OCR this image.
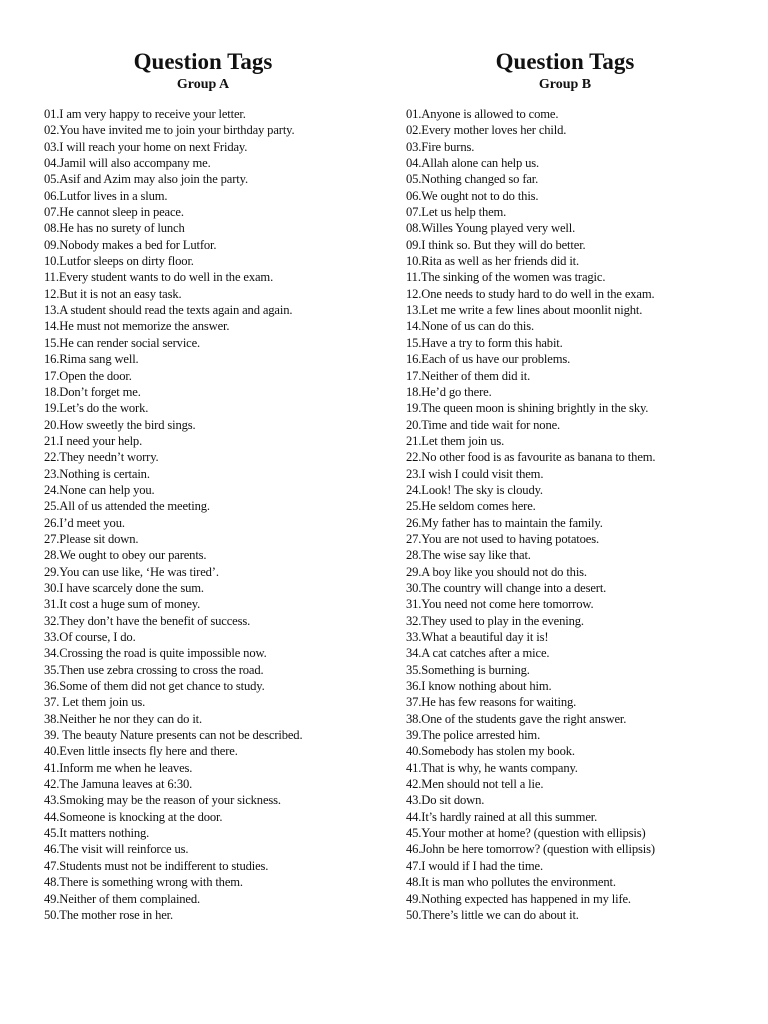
Question Tags
Group A
01.I am very happy to receive your letter.
02.You have invited me to join your birthday party.
03.I will reach your home on next Friday.
04.Jamil will also accompany me.
05.Asif and Azim may also join the party.
06.Lutfor lives in a slum.
07.He cannot sleep in peace.
08.He has no surety of lunch
09.Nobody makes a bed for Lutfor.
10.Lutfor sleeps on dirty floor.
11.Every student wants to do well in the exam.
12.But it is not an easy task.
13.A student should read the texts again and again.
14.He must not memorize the answer.
15.He can render social service.
16.Rima sang well.
17.Open the door.
18.Don’t forget me.
19.Let’s do the work.
20.How sweetly the bird sings.
21.I need your help.
22.They needn’t worry.
23.Nothing is certain.
24.None can help you.
25.All of us attended the meeting.
26.I’d meet you.
27.Please sit down.
28.We ought to obey our parents.
29.You can use like, ‘He was tired’.
30.I have scarcely done the sum.
31.It cost a huge sum of money.
32.They don’t have the benefit of success.
33.Of course, I do.
34.Crossing the road is quite impossible now.
35.Then use zebra crossing to cross the road.
36.Some of them did not get chance to study.
37. Let them join us.
38.Neither he nor they can do it.
39. The beauty Nature presents can not be described.
40.Even little insects fly here and there.
41.Inform me when he leaves.
42.The Jamuna leaves at 6:30.
43.Smoking may be the reason of your sickness.
44.Someone is knocking at the door.
45.It matters nothing.
46.The visit will reinforce us.
47.Students must not be indifferent to studies.
48.There is something wrong with them.
49.Neither of them complained.
50.The mother rose in her.
Question Tags
Group B
01.Anyone is allowed to come.
02.Every mother loves her child.
03.Fire burns.
04.Allah alone can help us.
05.Nothing changed so far.
06.We ought not to do this.
07.Let us help them.
08.Willes Young played very well.
09.I think so. But they will do better.
10.Rita as well as her friends did it.
11.The sinking of the women was tragic.
12.One needs to study hard to do well in the exam.
13.Let me write a few lines about moonlit night.
14.None of us can do this.
15.Have a try to form this habit.
16.Each of us have our problems.
17.Neither of them did it.
18.He’d go there.
19.The queen moon is shining brightly in the sky.
20.Time and tide wait for none.
21.Let them join us.
22.No other food is as favourite as banana to them.
23.I wish I could visit them.
24.Look! The sky is cloudy.
25.He seldom comes here.
26.My father has to maintain the family.
27.You are not used to having potatoes.
28.The wise say like that.
29.A boy like you should not do this.
30.The country will change into a desert.
31.You need not come here tomorrow.
32.They used to play in the evening.
33.What a beautiful day it is!
34.A cat catches after a mice.
35.Something is burning.
36.I know nothing about him.
37.He has few reasons for waiting.
38.One of the students gave the right answer.
39.The police arrested him.
40.Somebody has stolen my book.
41.That is why, he wants company.
42.Men should not tell a lie.
43.Do sit down.
44.It’s hardly rained at all this summer.
45.Your mother at home? (question with ellipsis)
46.John be here tomorrow? (question with ellipsis)
47.I would if I had the time.
48.It is man who pollutes the environment.
49.Nothing expected has happened in my life.
50.There’s little we can do about it.
